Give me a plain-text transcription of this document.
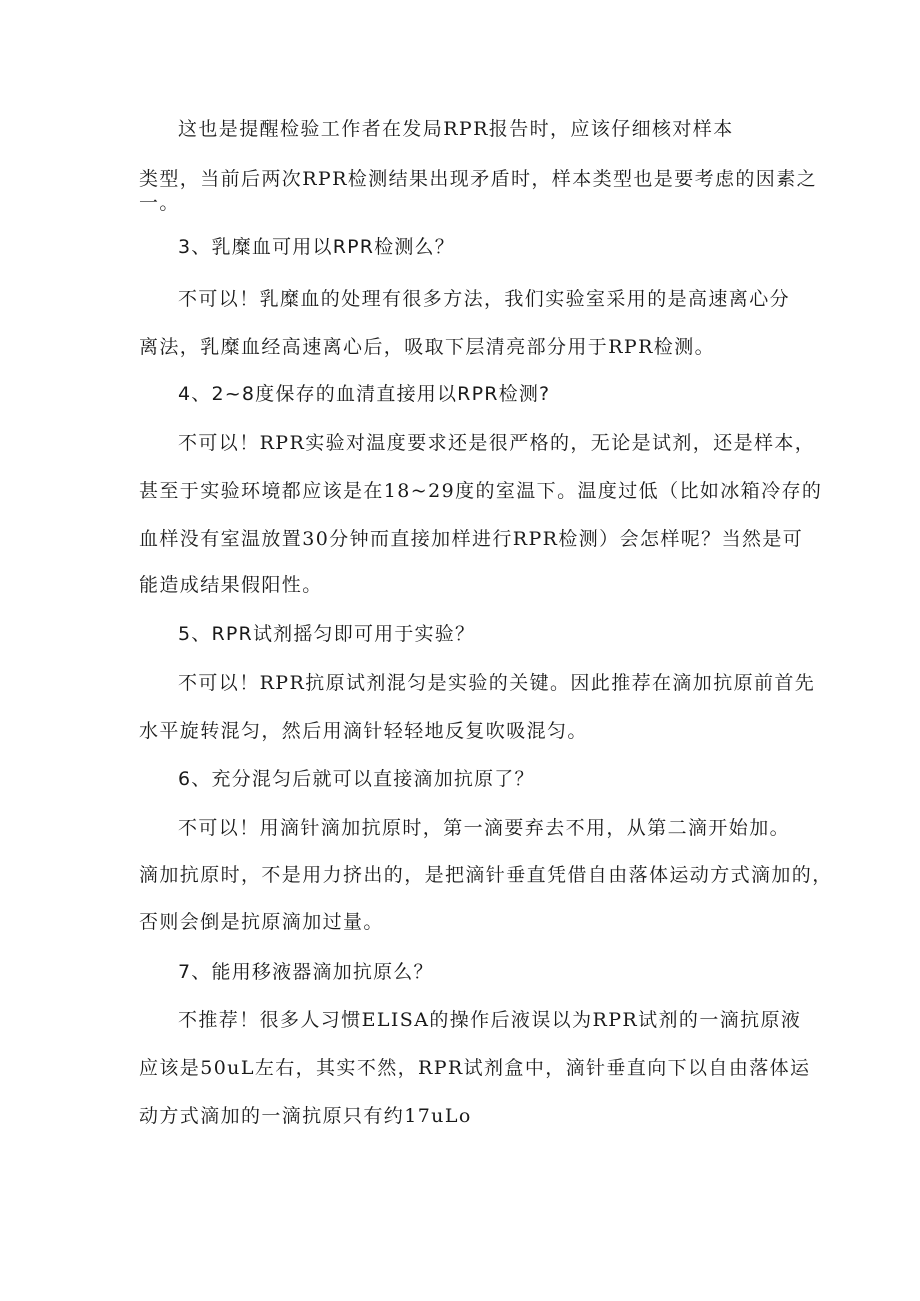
这也是提醒检验工作者在发局RPR报告时，应该仔细核对样本
类型，当前后两次RPR检测结果出现矛盾时，样本类型也是要考虑的因素之
一。
3、乳糜血可用以RPR检测么？
不可以！乳糜血的处理有很多方法，我们实验室采用的是高速离心分
离法，乳糜血经高速离心后，吸取下层清亮部分用于RPR检测。
4、2~8度保存的血清直接用以RPR检测?
不可以！RPR实验对温度要求还是很严格的，无论是试剂，还是样本，
甚至于实验环境都应该是在18~29度的室温下。温度过低（比如冰箱冷存的
血样没有室温放置30分钟而直接加样进行RPR检测）会怎样呢？当然是可
能造成结果假阳性。
5、RPR试剂摇匀即可用于实验？
不可以！RPR抗原试剂混匀是实验的关键。因此推荐在滴加抗原前首先
水平旋转混匀，然后用滴针轻轻地反复吹吸混匀。
6、充分混匀后就可以直接滴加抗原了？
不可以！用滴针滴加抗原时，第一滴要弃去不用，从第二滴开始加。
滴加抗原时，不是用力挤出的，是把滴针垂直凭借自由落体运动方式滴加的，
否则会倒是抗原滴加过量。
7、能用移液器滴加抗原么？
不推荐！很多人习惯ELISA的操作后液误以为RPR试剂的一滴抗原液
应该是50uL左右，其实不然，RPR试剂盒中，滴针垂直向下以自由落体运
动方式滴加的一滴抗原只有约17uLo
